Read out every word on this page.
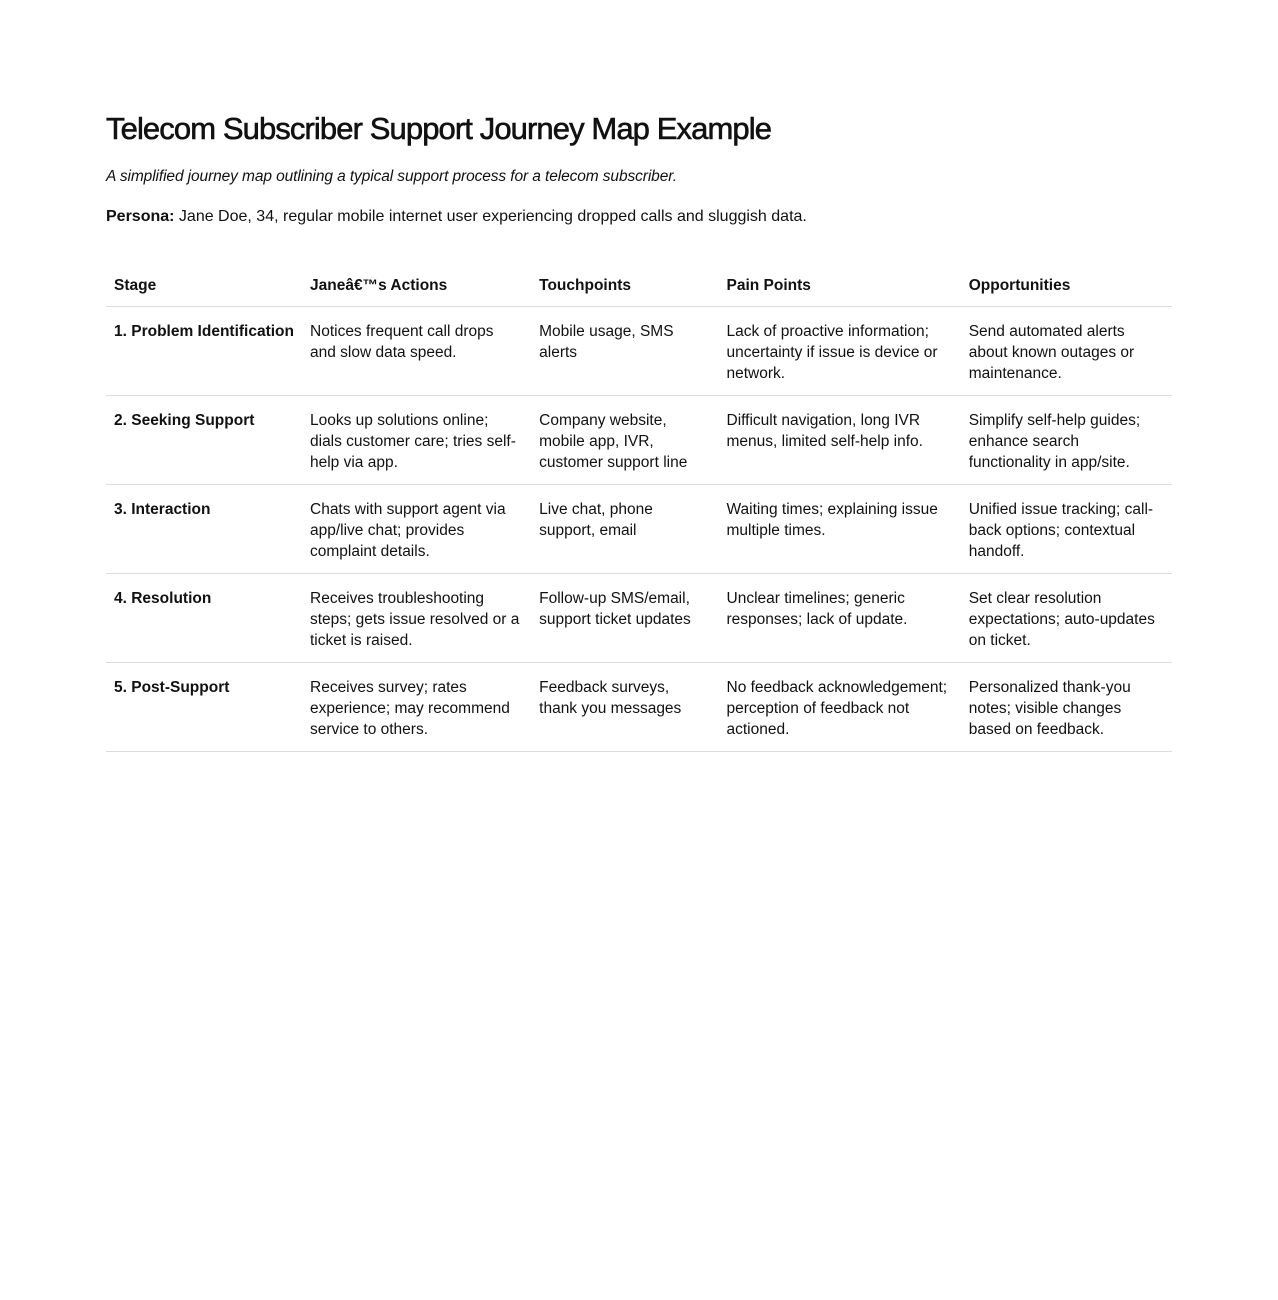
Telecom Subscriber Support Journey Map Example
A simplified journey map outlining a typical support process for a telecom subscriber.
Persona: Jane Doe, 34, regular mobile internet user experiencing dropped calls and sluggish data.
Stage	Janeâ€™s Actions	Touchpoints	Pain Points	Opportunities
1. Problem Identification	Notices frequent call drops and slow data speed.	Mobile usage, SMS alerts	Lack of proactive information; uncertainty if issue is device or network.	Send automated alerts about known outages or maintenance.
2. Seeking Support	Looks up solutions online; dials customer care; tries self-help via app.	Company website, mobile app, IVR, customer support line	Difficult navigation, long IVR menus, limited self-help info.	Simplify self-help guides; enhance search functionality in app/site.
3. Interaction	Chats with support agent via app/live chat; provides complaint details.	Live chat, phone support, email	Waiting times; explaining issue multiple times.	Unified issue tracking; call-back options; contextual handoff.
4. Resolution	Receives troubleshooting steps; gets issue resolved or a ticket is raised.	Follow-up SMS/email, support ticket updates	Unclear timelines; generic responses; lack of update.	Set clear resolution expectations; auto-updates on ticket.
5. Post-Support	Receives survey; rates experience; may recommend service to others.	Feedback surveys, thank you messages	No feedback acknowledgement; perception of feedback not actioned.	Personalized thank-you notes; visible changes based on feedback.
